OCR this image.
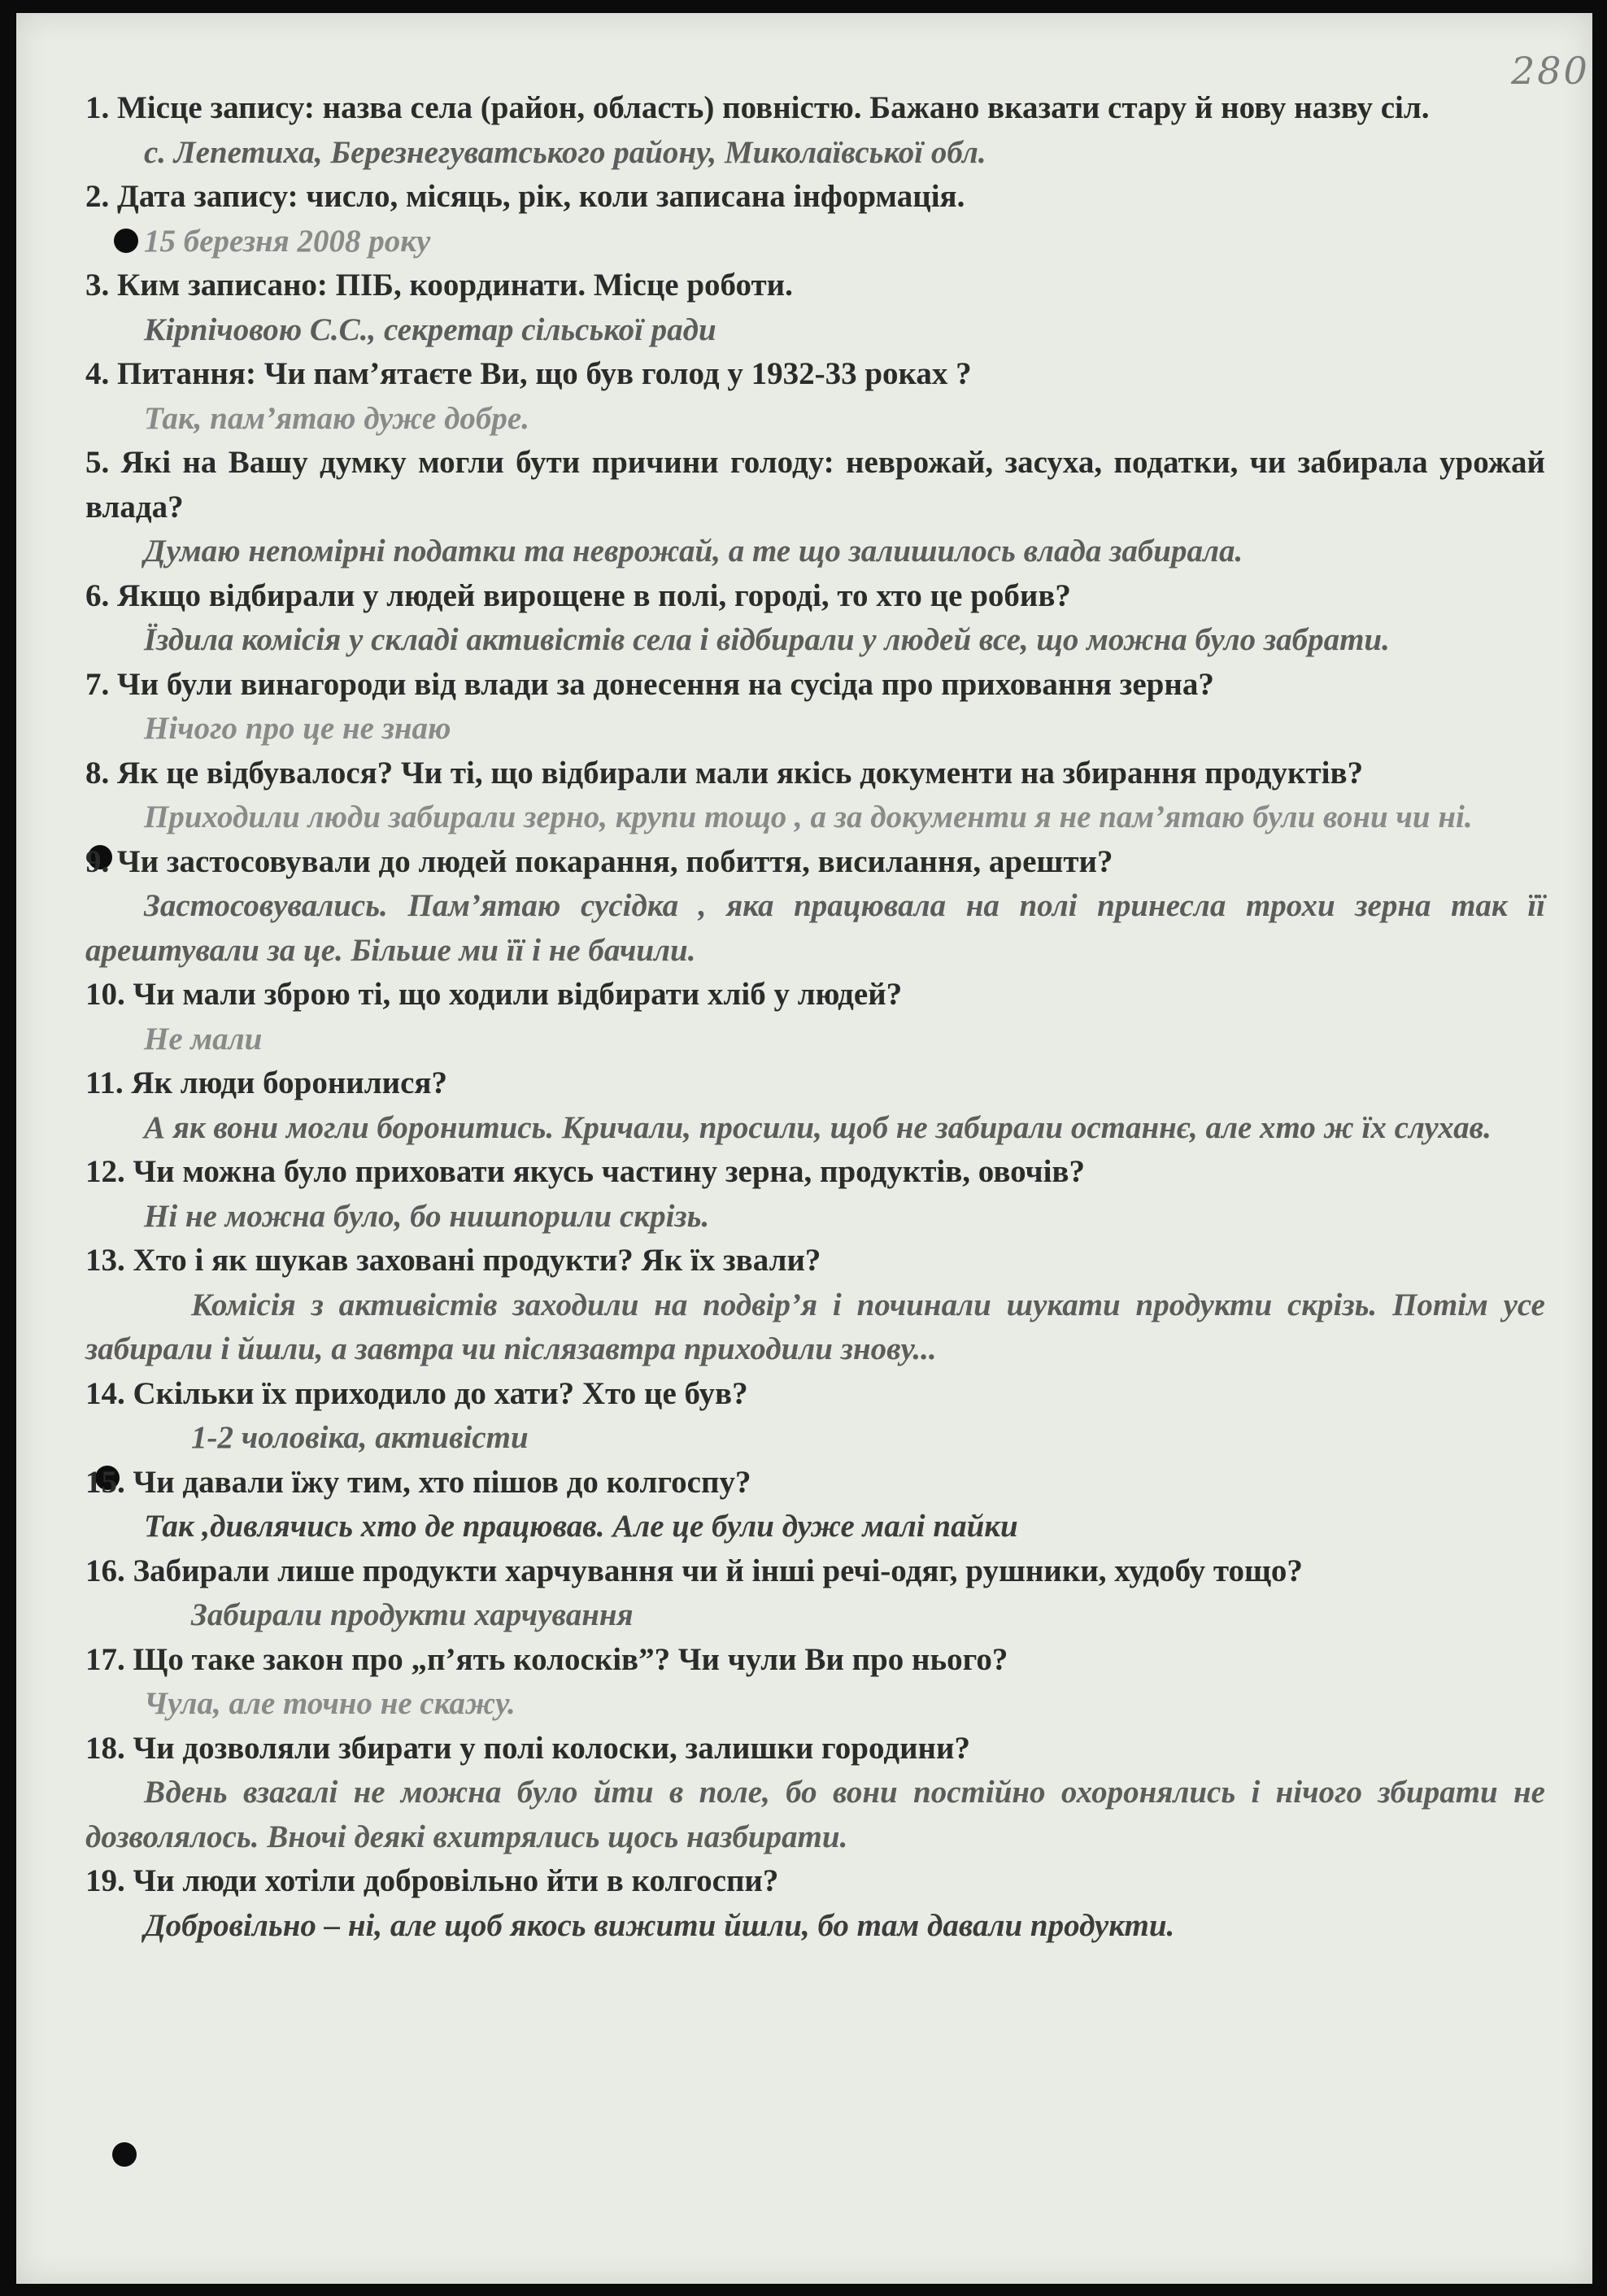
280
1. Місце запису: назва села (район, область) повністю. Бажано вказати стару й нову назву сіл.
с. Лепетиха, Березнегуватського району, Миколаївської обл.
2. Дата запису: число, місяць, рік, коли записана інформація.
15 березня 2008 року
3. Ким записано: ПІБ, координати. Місце роботи.
Кірпічовою С.С., секретар сільської ради
4. Питання: Чи пам’ятаєте Ви, що був голод у 1932-33 роках ?
Так, пам’ятаю дуже добре.
5. Які на Вашу думку могли бути причини голоду: неврожай, засуха, податки, чи забирала урожай влада?
Думаю непомірні податки та неврожай, а те що залишилось влада забирала.
6. Якщо відбирали у людей вирощене в полі, городі, то хто це робив?
Їздила комісія у складі активістів села і відбирали у людей все, що можна було забрати.
7. Чи були винагороди від влади за донесення на сусіда про приховання зерна?
Нічого про це не знаю
8. Як це відбувалося? Чи ті, що відбирали мали якісь документи на збирання продуктів?
Приходили люди забирали зерно, крупи тощо , а за документи я не пам’ятаю були вони чи ні.
9. Чи застосовували до людей покарання, побиття, висилання, арешти?
Застосовувались. Пам’ятаю сусідка , яка працювала на полі принесла трохи зерна так її арештували за це. Більше ми її і не бачили.
10. Чи мали зброю ті, що ходили відбирати хліб у людей?
Не мали
11. Як люди боронилися?
А як вони могли боронитись. Кричали, просили, щоб не забирали останнє, але хто ж їх слухав.
12. Чи можна було приховати якусь частину зерна, продуктів, овочів?
Ні не можна було, бо нишпорили скрізь.
13. Хто і як шукав заховані продукти? Як їх звали?
Комісія з активістів заходили на подвір’я і починали шукати продукти скрізь. Потім усе забирали і йшли, а завтра чи післязавтра приходили знову...
14. Скільки їх приходило до хати? Хто це був?
1-2 чоловіка, активісти
15. Чи давали їжу тим, хто пішов до колгоспу?
Так ,дивлячись хто де працював. Але це були дуже малі пайки
16. Забирали лише продукти харчування чи й інші речі-одяг, рушники, худобу тощо?
Забирали продукти харчування
17. Що таке закон про „п’ять колосків”? Чи чули Ви про нього?
Чула, але точно не скажу.
18. Чи дозволяли збирати у полі колоски, залишки городини?
Вдень взагалі не можна було йти в поле, бо вони постійно охоронялись і нічого збирати не дозволялось. Вночі деякі вхитрялись щось назбирати.
19. Чи люди хотіли добровільно йти в колгоспи?
Добровільно – ні, але щоб якось вижити йшли, бо там давали продукти.
